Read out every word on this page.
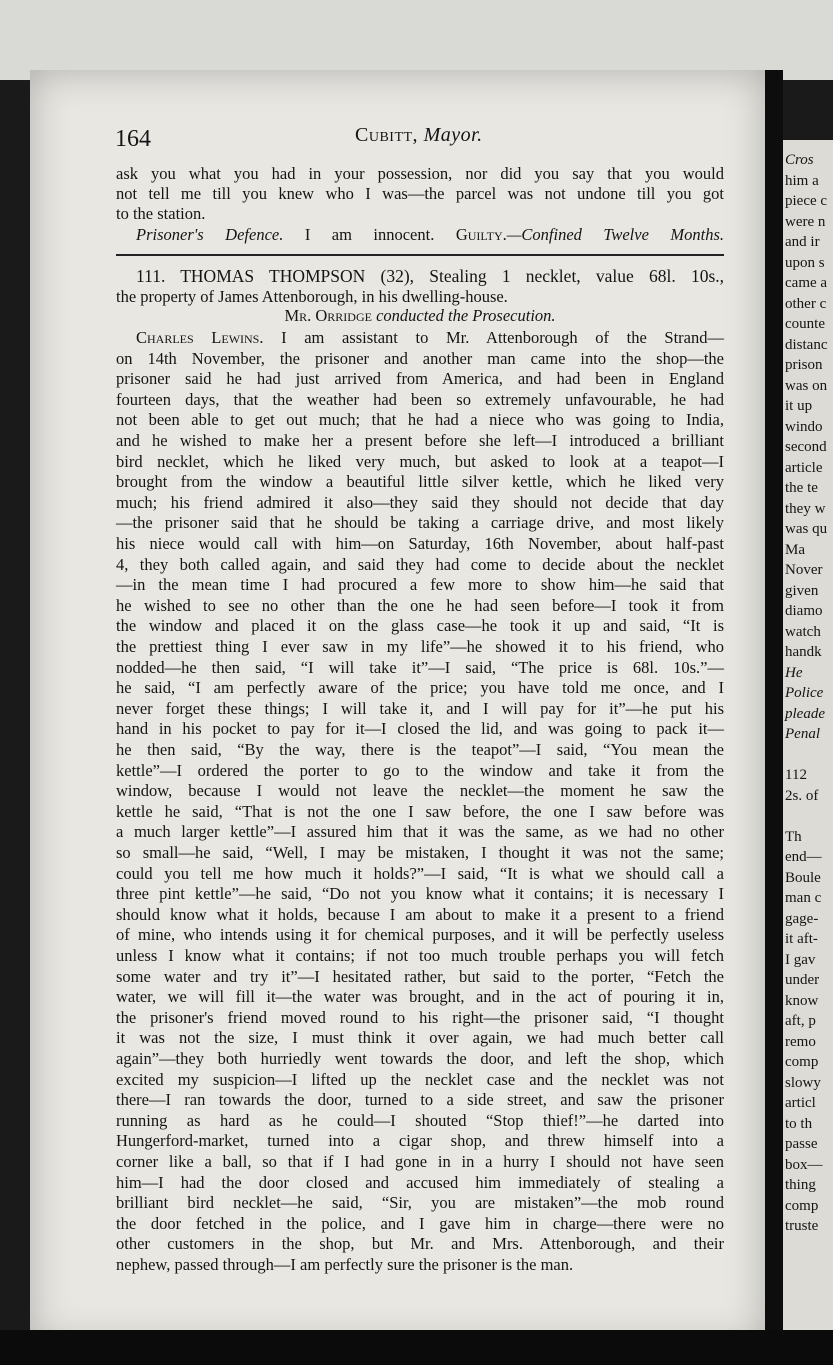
Cros
him a
piece c
were n
and ir
upon s
came a
other c
counte
distanc
prison
was on
it up
windo
second
article
the te
they w
was qu
Ma
Nover
given
diamo
watch
handk
He
Police
pleade
Penal
112
2s. of
Th
end—
Boule
man c
gage-
it aft-
I gav
under
know
aft, p
remo
comp
slowy
articl
to th
passe
box—
thing
comp
truste
164	Cubitt, Mayor.
ask you what you had in your possession, nor did you say that you would
not tell me till you knew who I was—the parcel was not undone till you got
to the station.
Prisoner's Defence. I am innocent. Guilty.—Confined Twelve Months.
111. THOMAS THOMPSON (32), Stealing 1 necklet, value 68l. 10s.,
the property of James Attenborough, in his dwelling-house.
Mr. Orridge conducted the Prosecution.
Charles Lewins. I am assistant to Mr. Attenborough of the Strand—
on 14th November, the prisoner and another man came into the shop—the
prisoner said he had just arrived from America, and had been in England
fourteen days, that the weather had been so extremely unfavourable, he had
not been able to get out much; that he had a niece who was going to India,
and he wished to make her a present before she left—I introduced a brilliant
bird necklet, which he liked very much, but asked to look at a teapot—I
brought from the window a beautiful little silver kettle, which he liked very
much; his friend admired it also—they said they should not decide that day
—the prisoner said that he should be taking a carriage drive, and most likely
his niece would call with him—on Saturday, 16th November, about half-past
4, they both called again, and said they had come to decide about the necklet
—in the mean time I had procured a few more to show him—he said that
he wished to see no other than the one he had seen before—I took it from
the window and placed it on the glass case—he took it up and said, “It is
the prettiest thing I ever saw in my life”—he showed it to his friend, who
nodded—he then said, “I will take it”—I said, “The price is 68l. 10s.”—
he said, “I am perfectly aware of the price; you have told me once, and I
never forget these things; I will take it, and I will pay for it”—he put his
hand in his pocket to pay for it—I closed the lid, and was going to pack it—
he then said, “By the way, there is the teapot”—I said, “You mean the
kettle”—I ordered the porter to go to the window and take it from the
window, because I would not leave the necklet—the moment he saw the
kettle he said, “That is not the one I saw before, the one I saw before was
a much larger kettle”—I assured him that it was the same, as we had no other
so small—he said, “Well, I may be mistaken, I thought it was not the same;
could you tell me how much it holds?”—I said, “It is what we should call a
three pint kettle”—he said, “Do not you know what it contains; it is necessary I
should know what it holds, because I am about to make it a present to a friend
of mine, who intends using it for chemical purposes, and it will be perfectly useless
unless I know what it contains; if not too much trouble perhaps you will fetch
some water and try it”—I hesitated rather, but said to the porter, “Fetch the
water, we will fill it—the water was brought, and in the act of pouring it in,
the prisoner's friend moved round to his right—the prisoner said, “I thought
it was not the size, I must think it over again, we had much better call
again”—they both hurriedly went towards the door, and left the shop, which
excited my suspicion—I lifted up the necklet case and the necklet was not
there—I ran towards the door, turned to a side street, and saw the prisoner
running as hard as he could—I shouted “Stop thief!”—he darted into
Hungerford-market, turned into a cigar shop, and threw himself into a
corner like a ball, so that if I had gone in in a hurry I should not have seen
him—I had the door closed and accused him immediately of stealing a
brilliant bird necklet—he said, “Sir, you are mistaken”—the mob round
the door fetched in the police, and I gave him in charge—there were no
other customers in the shop, but Mr. and Mrs. Attenborough, and their
nephew, passed through—I am perfectly sure the prisoner is the man.
